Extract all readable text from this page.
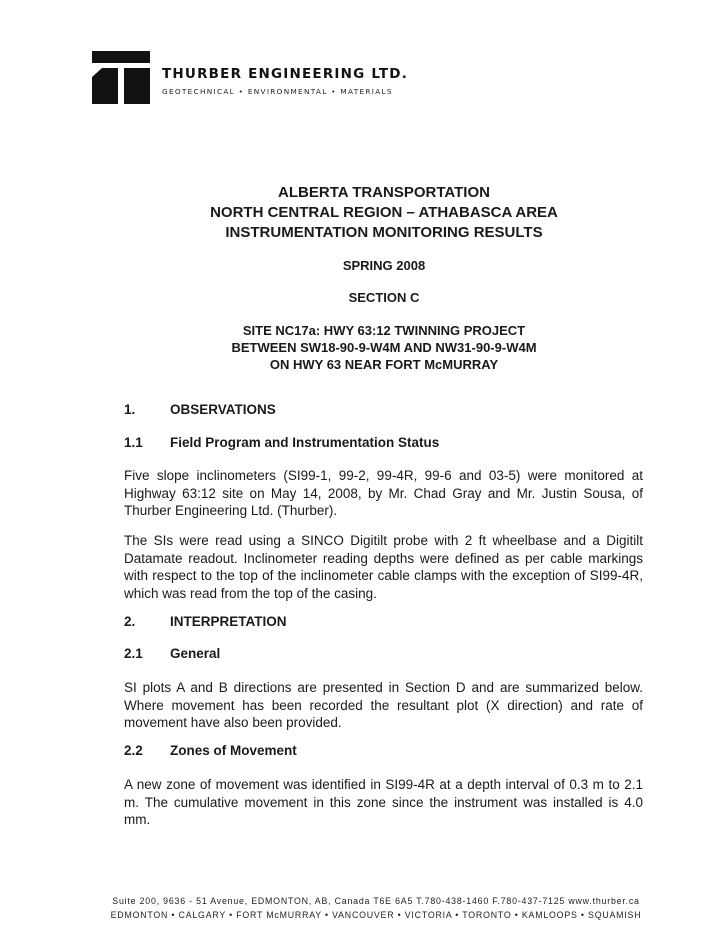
THURBER ENGINEERING LTD.
GEOTECHNICAL • ENVIRONMENTAL • MATERIALS
ALBERTA TRANSPORTATION
NORTH CENTRAL REGION – ATHABASCA AREA
INSTRUMENTATION MONITORING RESULTS
SPRING 2008
SECTION C
SITE NC17a: HWY 63:12 TWINNING PROJECT
BETWEEN SW18-90-9-W4M AND NW31-90-9-W4M
ON HWY 63 NEAR FORT McMURRAY
1.	OBSERVATIONS
1.1 Field Program and Instrumentation Status
Five slope inclinometers (SI99-1, 99-2, 99-4R, 99-6 and 03-5) were monitored at Highway 63:12 site on May 14, 2008, by Mr. Chad Gray and Mr. Justin Sousa, of Thurber Engineering Ltd. (Thurber).
The SIs were read using a SINCO Digitilt probe with 2 ft wheelbase and a Digitilt Datamate readout. Inclinometer reading depths were defined as per cable markings with respect to the top of the inclinometer cable clamps with the exception of SI99-4R, which was read from the top of the casing.
2.	INTERPRETATION
2.1 General
SI plots A and B directions are presented in Section D and are summarized below. Where movement has been recorded the resultant plot (X direction) and rate of movement have also been provided.
2.2 Zones of Movement
A new zone of movement was identified in SI99-4R at a depth interval of 0.3 m to 2.1 m. The cumulative movement in this zone since the instrument was installed is 4.0 mm.
Suite 200, 9636 - 51 Avenue, EDMONTON, AB, Canada T6E 6A5 T.780-438-1460 F.780-437-7125 www.thurber.ca
EDMONTON • CALGARY • FORT McMURRAY • VANCOUVER • VICTORIA • TORONTO • KAMLOOPS • SQUAMISH
